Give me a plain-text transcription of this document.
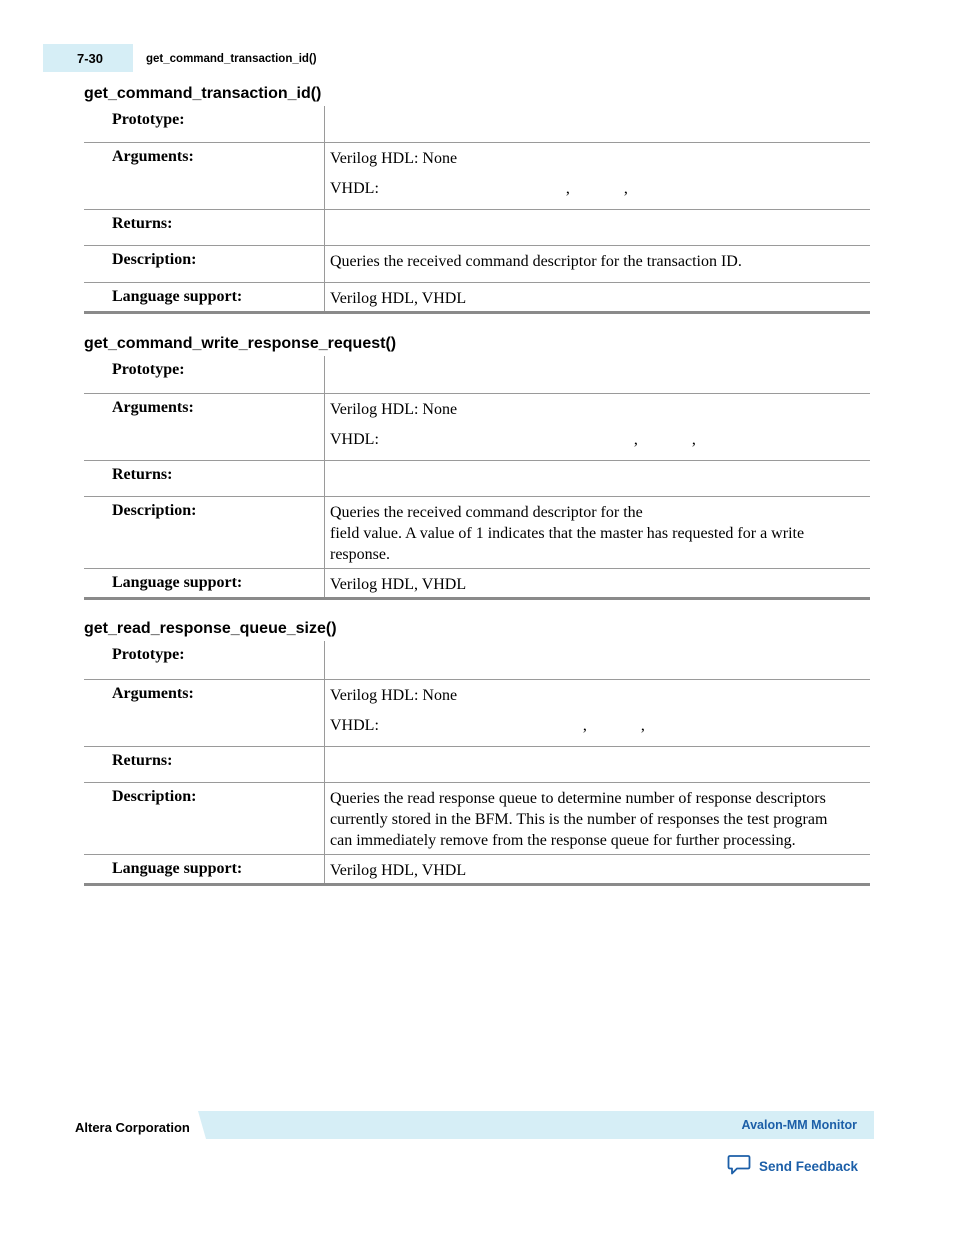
7-30	get_command_transaction_id()
get_command_transaction_id()
Prototype:	

Arguments:	Verilog HDL: None
VHDL: , ,

Returns:	

Description:	Queries the received command descriptor for the transaction ID.

Language support:	Verilog HDL, VHDL
get_command_write_response_request()
Prototype:	

Arguments:	Verilog HDL: None
VHDL: , ,

Returns:	

Description:	Queries the received command descriptor for the
field value. A value of 1 indicates that the master has requested for a write response.

Language support:	Verilog HDL, VHDL
get_read_response_queue_size()
Prototype:	

Arguments:	Verilog HDL: None
VHDL: , ,

Returns:	

Description:	Queries the read response queue to determine number of response descriptors currently stored in the BFM. This is the number of responses the test program can immediately remove from the response queue for further processing.

Language support:	Verilog HDL, VHDL
Altera Corporation	Avalon-MM Monitor
Send Feedback
